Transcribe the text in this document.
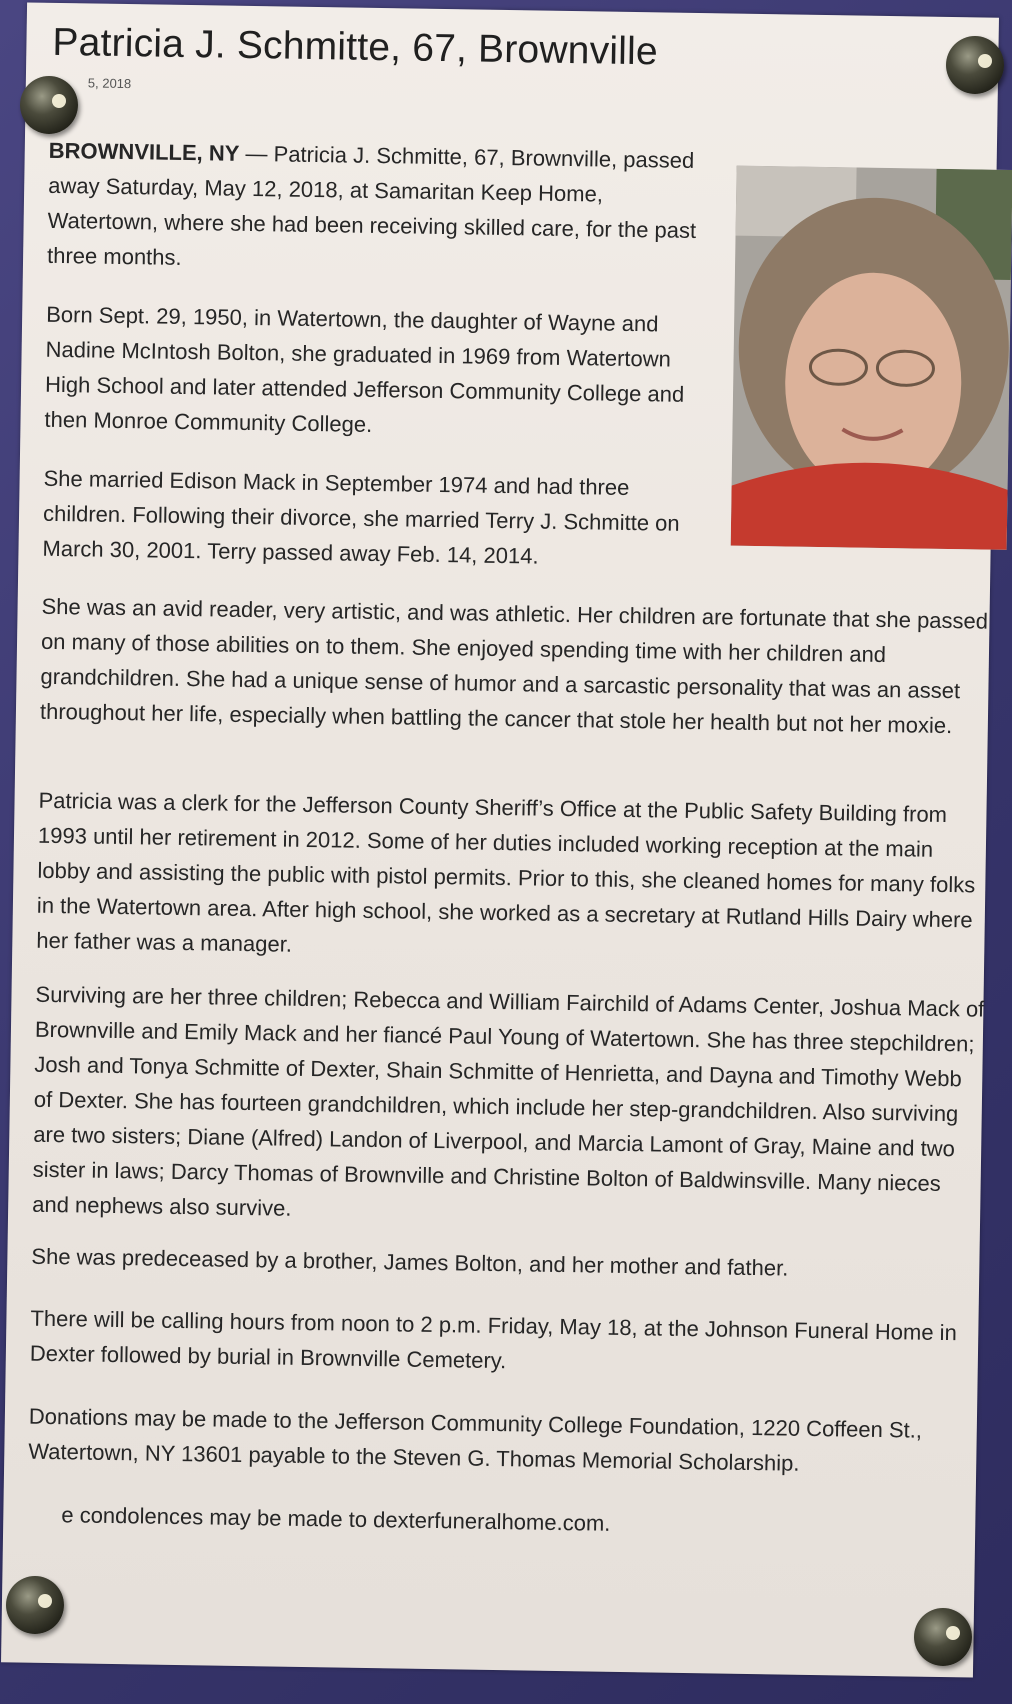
Patricia J. Schmitte, 67, Brownville
5, 2018

BROWNVILLE, NY — Patricia J. Schmitte, 67, Brownville, passed away Saturday, May 12, 2018, at Samaritan Keep Home, Watertown, where she had been receiving skilled care, for the past three months.

Born Sept. 29, 1950, in Watertown, the daughter of Wayne and Nadine McIntosh Bolton, she graduated in 1969 from Watertown High School and later attended Jefferson Community College and then Monroe Community College.

She married Edison Mack in September 1974 and had three children. Following their divorce, she married Terry J. Schmitte on March 30, 2001. Terry passed away Feb. 14, 2014.

She was an avid reader, very artistic, and was athletic. Her children are fortunate that she passed on many of those abilities on to them. She enjoyed spending time with her children and grandchildren. She had a unique sense of humor and a sarcastic personality that was an asset throughout her life, especially when battling the cancer that stole her health but not her moxie.

Patricia was a clerk for the Jefferson County Sheriff’s Office at the Public Safety Building from 1993 until her retirement in 2012. Some of her duties included working reception at the main lobby and assisting the public with pistol permits. Prior to this, she cleaned homes for many folks in the Watertown area. After high school, she worked as a secretary at Rutland Hills Dairy where her father was a manager.

Surviving are her three children; Rebecca and William Fairchild of Adams Center, Joshua Mack of Brownville and Emily Mack and her fiancé Paul Young of Watertown. She has three stepchildren; Josh and Tonya Schmitte of Dexter, Shain Schmitte of Henrietta, and Dayna and Timothy Webb of Dexter. She has fourteen grandchildren, which include her step-grandchildren. Also surviving are two sisters; Diane (Alfred) Landon of Liverpool, and Marcia Lamont of Gray, Maine and two sister in laws; Darcy Thomas of Brownville and Christine Bolton of Baldwinsville. Many nieces and nephews also survive.

She was predeceased by a brother, James Bolton, and her mother and father.

There will be calling hours from noon to 2 p.m. Friday, May 18, at the Johnson Funeral Home in Dexter followed by burial in Brownville Cemetery.

Donations may be made to the Jefferson Community College Foundation, 1220 Coffeen St., Watertown, NY 13601 payable to the Steven G. Thomas Memorial Scholarship.

e condolences may be made to dexterfuneralhome.com.
